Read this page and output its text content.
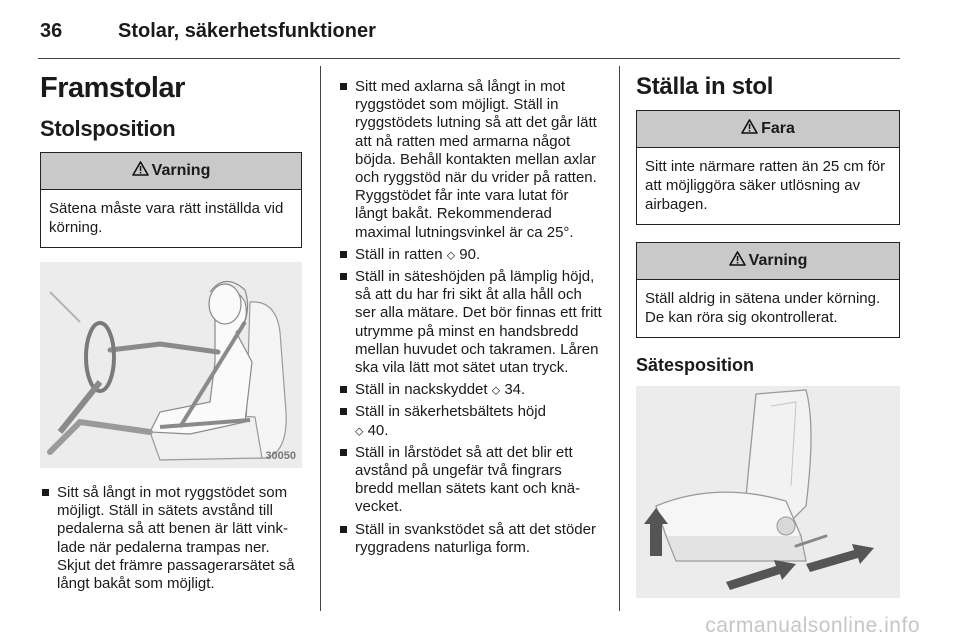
36	Stolar, säkerhetsfunktioner
Framstolar
Stolsposition
Varning
Sätena måste vara rätt inställda vid körning.
30050
Sitt så långt in mot ryggstödet som möjligt. Ställ in sätets avstånd till pedalerna så att benen är lätt vinklade när pedalerna trampas ner. Skjut det främre passagerarsätet så långt bakåt som möjligt.
Sitt med axlarna så långt in mot ryggstödet som möjligt. Ställ in ryggstödets lutning så att det går lätt att nå ratten med armarna något böjda. Behåll kontakten mellan axlar och ryggstöd när du vrider på ratten. Ryggstödet får inte vara lutat för långt bakåt. Rekommenderad maximal lutningsvinkel är ca 25°.
Ställ in ratten ⬦ 90.
Ställ in säteshöjden på lämplig höjd, så att du har fri sikt åt alla håll och ser alla mätare. Det bör finnas ett fritt utrymme på minst en handsbredd mellan huvudet och takramen. Låren ska vila lätt mot sätet utan tryck.
Ställ in nackskyddet ⬦ 34.
Ställ in säkerhetsbältets höjd
⬦ 40.
Ställ in lårstödet så att det blir ett avstånd på ungefär två fingrars bredd mellan sätets kant och knävecket.
Ställ in svankstödet så att det stöder ryggradens naturliga form.
Ställa in stol
Fara
Sitt inte närmare ratten än 25 cm för att möjliggöra säker utlösning av airbagen.
Varning
Ställ aldrig in sätena under körning. De kan röra sig okontrollerat.
Sätesposition
carmanualsonline.info
